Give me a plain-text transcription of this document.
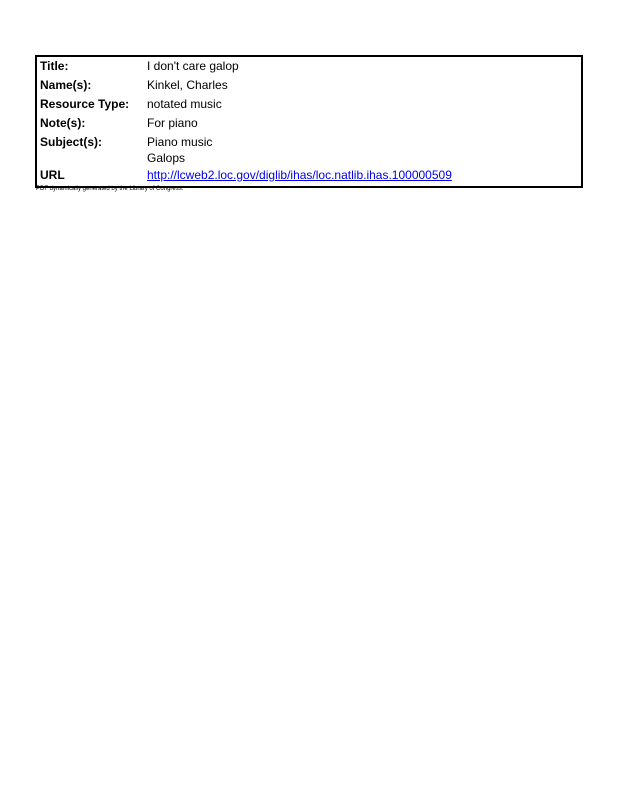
Title:	I don't care galop
Name(s):	Kinkel, Charles
Resource Type: notated music
Note(s):	For piano
Subject(s):	Piano music
Galops
URL	http://lcweb2.loc.gov/diglib/ihas/loc.natlib.ihas.100000509
PDF dynamically generated by the Library of Congress.
